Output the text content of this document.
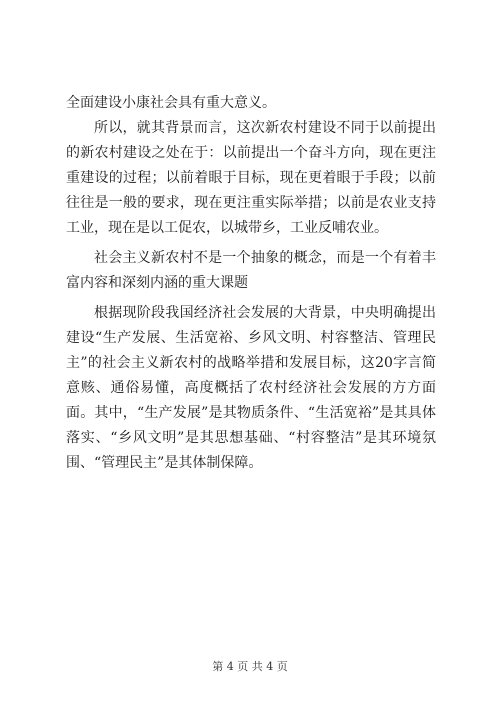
全面建设小康社会具有重大意义。

所以，就其背景而言，这次新农村建设不同于以前提出的新农村建设之处在于：以前提出一个奋斗方向，现在更注重建设的过程；以前着眼于目标，现在更着眼于手段；以前往往是一般的要求，现在更注重实际举措；以前是农业支持工业，现在是以工促农，以城带乡，工业反哺农业。

社会主义新农村不是一个抽象的概念，而是一个有着丰富内容和深刻内涵的重大课题

根据现阶段我国经济社会发展的大背景，中央明确提出建设“生产发展、生活宽裕、乡风文明、村容整洁、管理民主”的社会主义新农村的战略举措和发展目标，这20字言简意赅、通俗易懂，高度概括了农村经济社会发展的方方面面。其中，“生产发展”是其物质条件、“生活宽裕”是其具体落实、“乡风文明”是其思想基础、“村容整洁”是其环境氛围、“管理民主”是其体制保障。

第 4 页 共 4 页
